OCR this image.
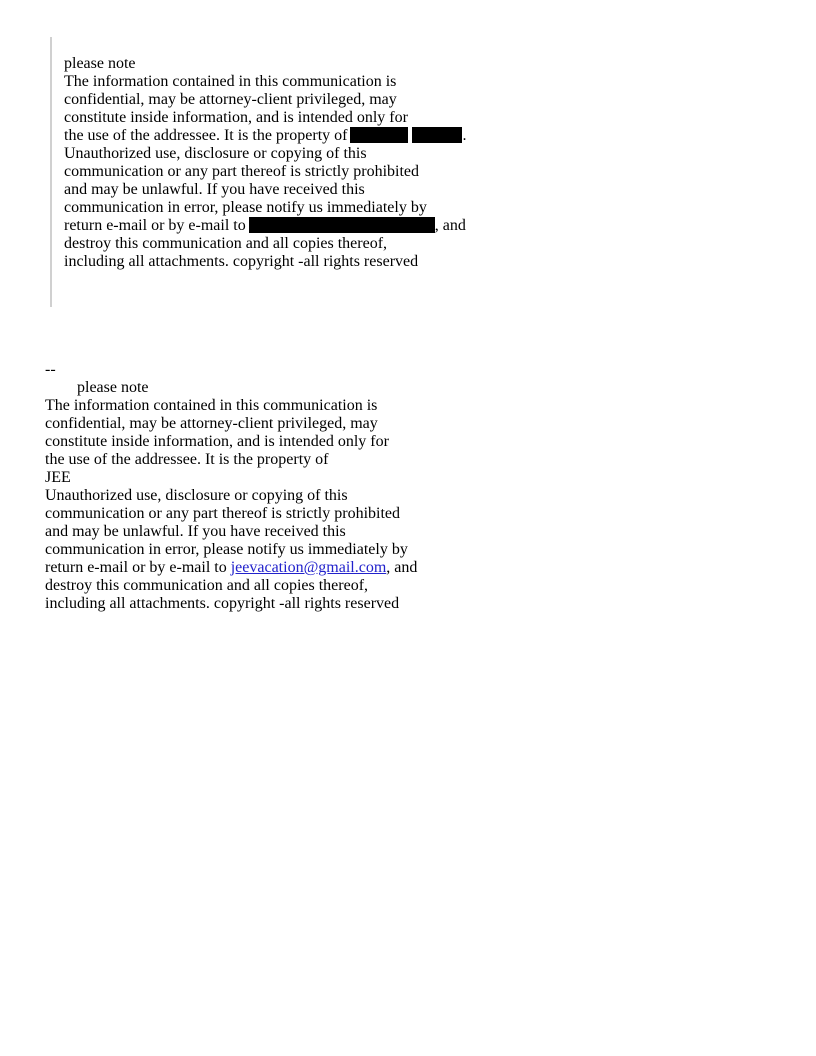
please note
The information contained in this communication is
confidential, may be attorney-client privileged, may
constitute inside information, and is intended only for
the use of the addressee. It is the property of	.
Unauthorized use, disclosure or copying of this
communication or any part thereof is strictly prohibited
and may be unlawful. If you have received this
communication in error, please notify us immediately by
return e-mail or by e-mail to	, and
destroy this communication and all copies thereof,
including all attachments. copyright -all rights reserved
--
please note
The information contained in this communication is
confidential, may be attorney-client privileged, may
constitute inside information, and is intended only for
the use of the addressee. It is the property of
JEE
Unauthorized use, disclosure or copying of this
communication or any part thereof is strictly prohibited
and may be unlawful. If you have received this
communication in error, please notify us immediately by
return e-mail or by e-mail to jeevacation@gmail.com, and
destroy this communication and all copies thereof,
including all attachments. copyright -all rights reserved
